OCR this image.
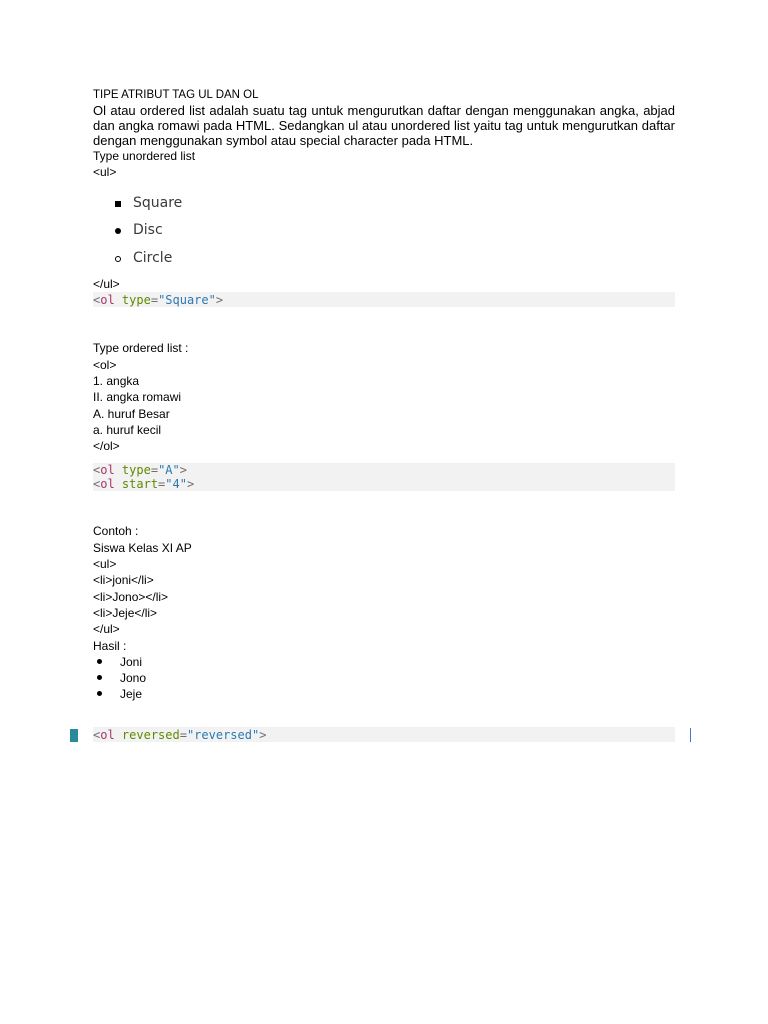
TIPE ATRIBUT TAG UL DAN OL

Ol atau ordered list adalah suatu tag untuk mengurutkan daftar dengan menggunakan angka, abjad dan angka romawi pada HTML. Sedangkan ul atau unordered list yaitu tag untuk mengurutkan daftar dengan menggunakan symbol atau special character pada HTML.

Type unordered list
<ul>
Square
Disc
Circle
</ul>
<ol type="Square">
Type ordered list :
<ol>
1. angka
II. angka romawi
A. huruf Besar
a. huruf kecil
</ol>
<ol type="A">
<ol start="4">
Contoh :
Siswa Kelas XI AP
<ul>
<li>joni</li>
<li>Jono></li>
<li>Jeje</li>
</ul>
Hasil :
Joni
Jono
Jeje
<ol reversed="reversed">
